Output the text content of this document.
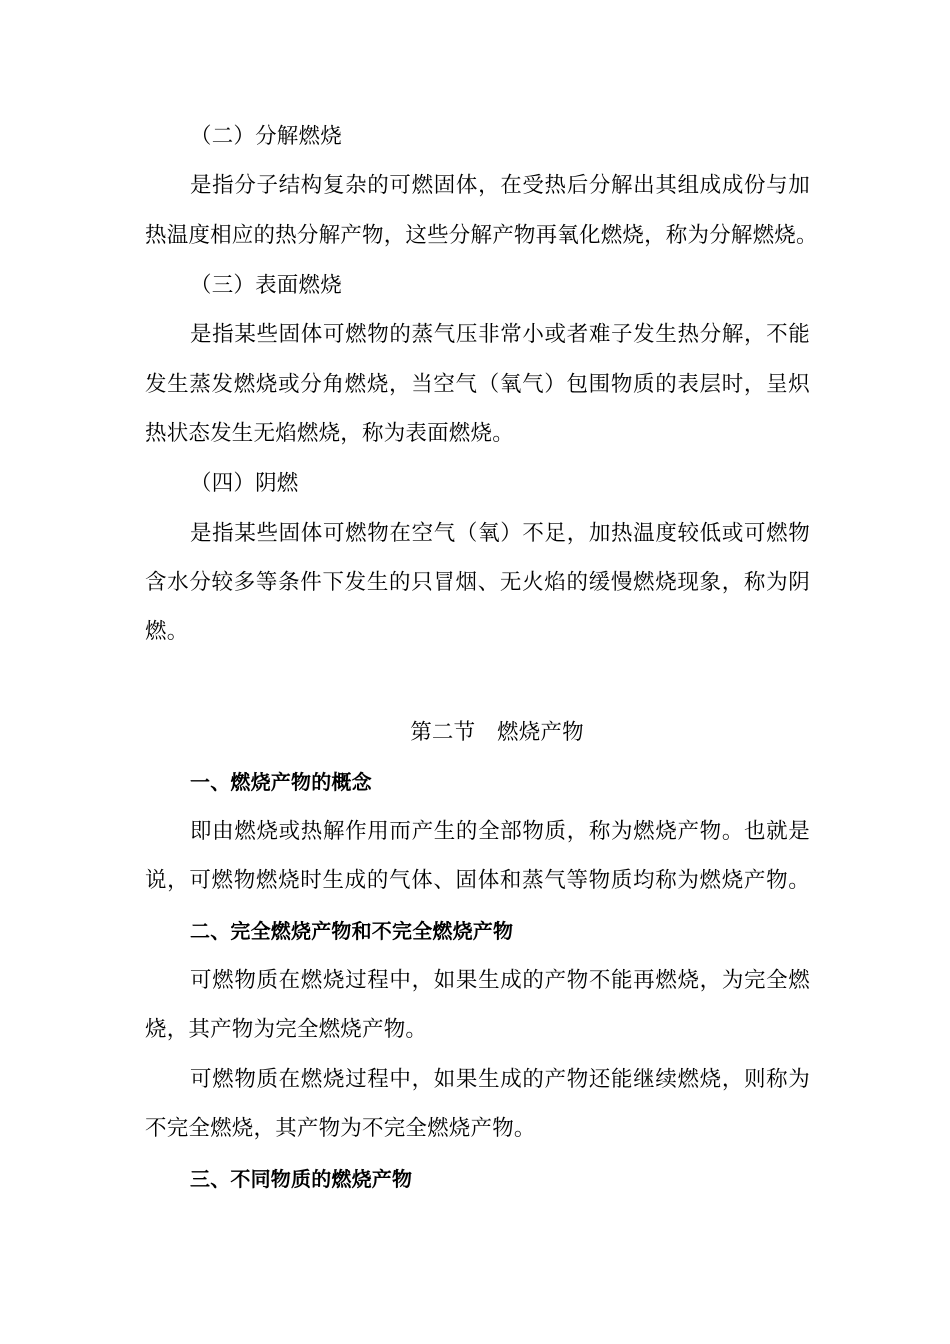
（二）分解燃烧
是指分子结构复杂的可燃固体，在受热后分解出其组成成份与加
热温度相应的热分解产物，这些分解产物再氧化燃烧，称为分解燃烧。
（三）表面燃烧
是指某些固体可燃物的蒸气压非常小或者难子发生热分解，不能
发生蒸发燃烧或分角燃烧，当空气（氧气）包围物质的表层时，呈炽
热状态发生无焰燃烧，称为表面燃烧。
（四）阴燃
是指某些固体可燃物在空气（氧）不足，加热温度较低或可燃物
含水分较多等条件下发生的只冒烟、无火焰的缓慢燃烧现象，称为阴
燃。
第二节　燃烧产物
一、燃烧产物的概念
即由燃烧或热解作用而产生的全部物质，称为燃烧产物。也就是
说，可燃物燃烧时生成的气体、固体和蒸气等物质均称为燃烧产物。
二、完全燃烧产物和不完全燃烧产物
可燃物质在燃烧过程中，如果生成的产物不能再燃烧，为完全燃
烧，其产物为完全燃烧产物。
可燃物质在燃烧过程中，如果生成的产物还能继续燃烧，则称为
不完全燃烧，其产物为不完全燃烧产物。
三、不同物质的燃烧产物
